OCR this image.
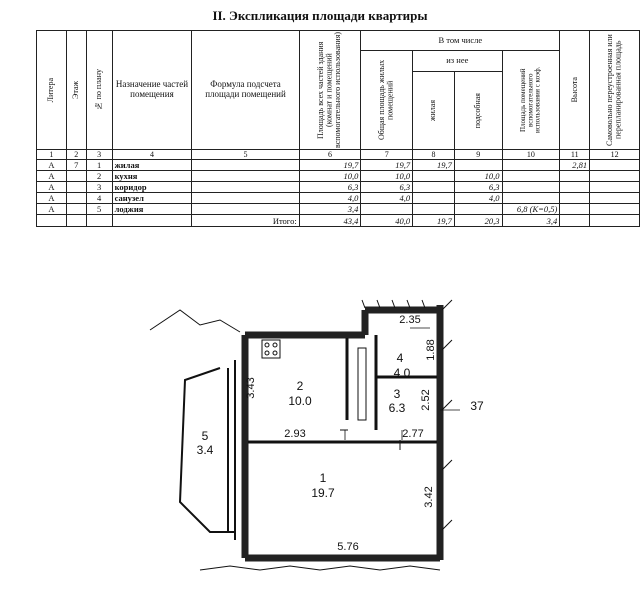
II. Экспликация площади квартиры
Литера	Этаж	№ по плану	Назначение частей помещения	Формула подсчета площади помещений	Площадь всех частей здания (комнат и помещений вспомогательного использования)	В том числе				Высота	Самовольно переустроенная или перепланированная площадь

						Общая площадь жилых помещений	из нее		Площадь помещений вспомогательного использования с коэф.		

							жилая	подсобная			

1	2	3	4	5	6	7	8	9	10	11	12
А	7	1	жилая		19,7	19,7	19,7			2,81	
А		2	кухня		10,0	10,0		10,0			
А		3	коридор		6,3	6,3		6,3			
А		4	санузел		4,0	4,0		4,0			
А		5	лоджия		3,4				6,8 (К=0,5)		
				Итого:	43,4	40,0	19,7	20,3	3,4		
2
10.0
4
4.0
3
6.3
1
19.7
5
3.4
2.35
1.88
3.43
2.52
2.93	2.77
3.42
5.76
37
